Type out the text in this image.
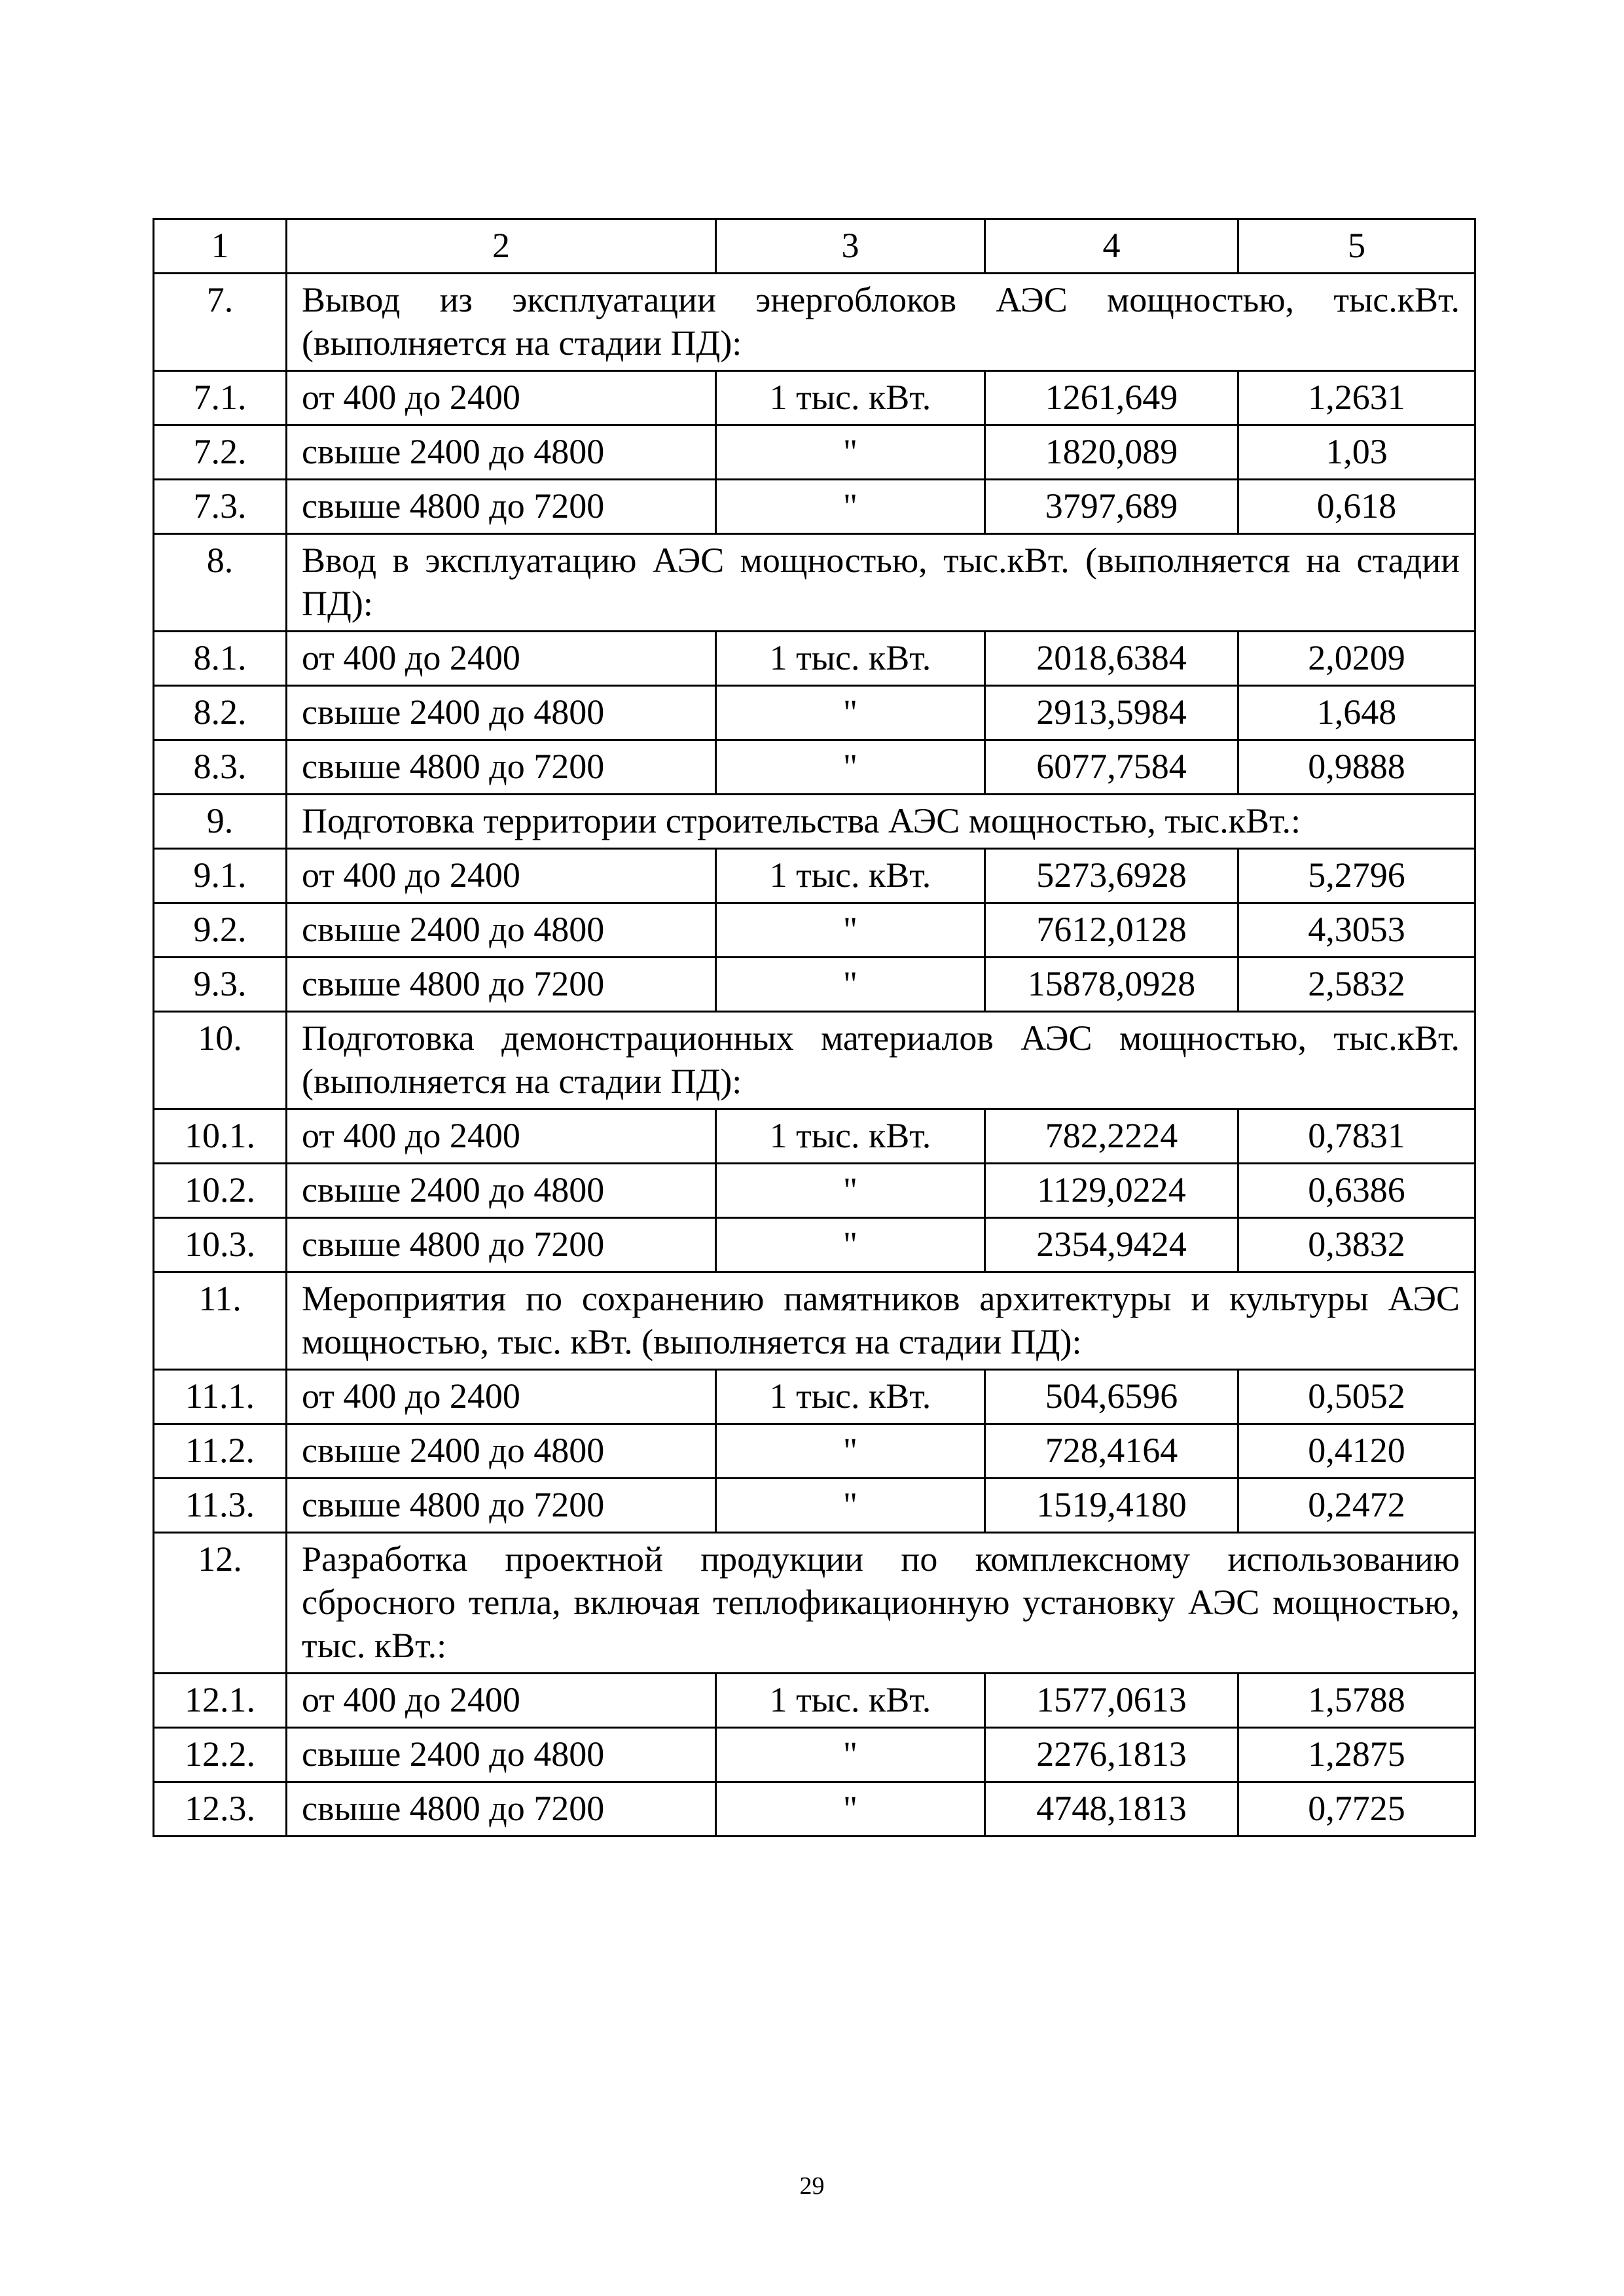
1	2	3	4	5
7.	Вывод из эксплуатации энергоблоков АЭС мощностью, тыс.кВт. (выполняется на стадии ПД):			
7.1.	от 400 до 2400	1 тыс. кВт.	1261,649	1,2631
7.2.	свыше 2400 до 4800	"	1820,089	1,03
7.3.	свыше 4800 до 7200	"	3797,689	0,618
8.	Ввод в эксплуатацию АЭС мощностью, тыс.кВт. (выполняется на стадии ПД):			
8.1.	от 400 до 2400	1 тыс. кВт.	2018,6384	2,0209
8.2.	свыше 2400 до 4800	"	2913,5984	1,648
8.3.	свыше 4800 до 7200	"	6077,7584	0,9888
9.	Подготовка территории строительства АЭС мощностью, тыс.кВт.:			
9.1.	от 400 до 2400	1 тыс. кВт.	5273,6928	5,2796
9.2.	свыше 2400 до 4800	"	7612,0128	4,3053
9.3.	свыше 4800 до 7200	"	15878,0928	2,5832
10.	Подготовка демонстрационных материалов АЭС мощностью, тыс.кВт. (выполняется на стадии ПД):			
10.1.	от 400 до 2400	1 тыс. кВт.	782,2224	0,7831
10.2.	свыше 2400 до 4800	"	1129,0224	0,6386
10.3.	свыше 4800 до 7200	"	2354,9424	0,3832
11.	Мероприятия по сохранению памятников архитектуры и культуры АЭС мощностью, тыс. кВт. (выполняется на стадии ПД):			
11.1.	от 400 до 2400	1 тыс. кВт.	504,6596	0,5052
11.2.	свыше 2400 до 4800	"	728,4164	0,4120
11.3.	свыше 4800 до 7200	"	1519,4180	0,2472
12.	Разработка проектной продукции по комплексному использованию сбросного тепла, включая теплофикационную установку АЭС мощностью, тыс. кВт.:			
12.1.	от 400 до 2400	1 тыс. кВт.	1577,0613	1,5788
12.2.	свыше 2400 до 4800	"	2276,1813	1,2875
12.3.	свыше 4800 до 7200	"	4748,1813	0,7725
29
